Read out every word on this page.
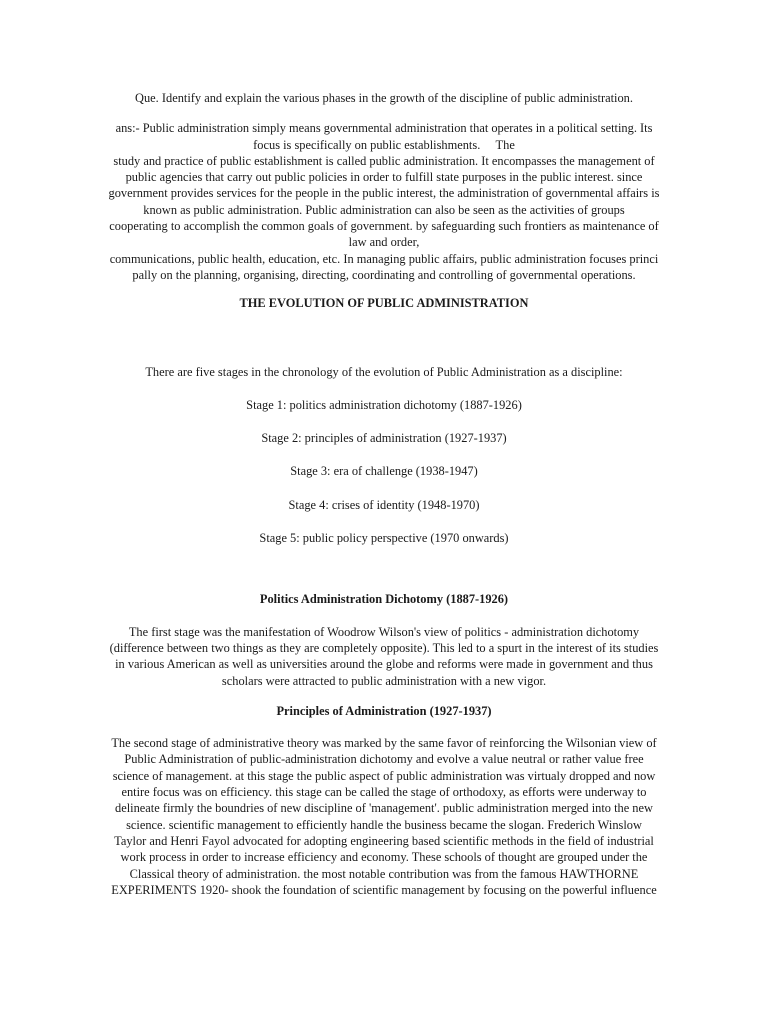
Que. Identify and explain the various phases in the growth of the discipline of public administration.

ans:- Public administration simply means governmental administration that operates in a political setting. Its

focus is specifically on public establishments.     The

study and practice of public establishment is called public administration. It encompasses the management of

public agencies that carry out public policies in order to fulfill state purposes in the public interest. since

government provides services for the people in the public interest, the administration of governmental affairs is

known as public administration. Public administration can also be seen as the activities of groups

cooperating to accomplish the common goals of government. by safeguarding such frontiers as maintenance of

law and order,

communications, public health, education, etc. In managing public affairs, public administration focuses princi

pally on the planning, organising, directing, coordinating and controlling of governmental operations.

THE EVOLUTION OF PUBLIC ADMINISTRATION

There are five stages in the chronology of the evolution of Public Administration as a discipline:

Stage 1: politics administration dichotomy (1887-1926)

Stage 2: principles of administration (1927-1937)

Stage 3: era of challenge (1938-1947)

Stage 4: crises of identity (1948-1970)

Stage 5: public policy perspective (1970 onwards)

Politics Administration Dichotomy (1887-1926)

The first stage was the manifestation of Woodrow Wilson's view of politics - administration dichotomy

(difference between two things as they are completely opposite). This led to a spurt in the interest of its studies

in various American as well as universities around the globe and reforms were made in government and thus

scholars were attracted to public administration with a new vigor.

Principles of Administration (1927-1937)

The second stage of administrative theory was marked by the same favor of reinforcing the Wilsonian view of

Public Administration of public-administration dichotomy and evolve a value neutral or rather value free

science of management. at this stage the public aspect of public administration was virtualy dropped and now

entire focus was on efficiency. this stage can be called the stage of orthodoxy, as efforts were underway to

delineate firmly the boundries of new discipline of 'management'. public administration merged into the new

science. scientific management to efficiently handle the business became the slogan. Frederich Winslow

Taylor and Henri Fayol advocated for adopting engineering based scientific methods in the field of industrial

work process in order to increase efficiency and economy. These schools of thought are grouped under the

Classical theory of administration. the most notable contribution was from the famous HAWTHORNE

EXPERIMENTS 1920- shook the foundation of scientific management by focusing on the powerful influence
